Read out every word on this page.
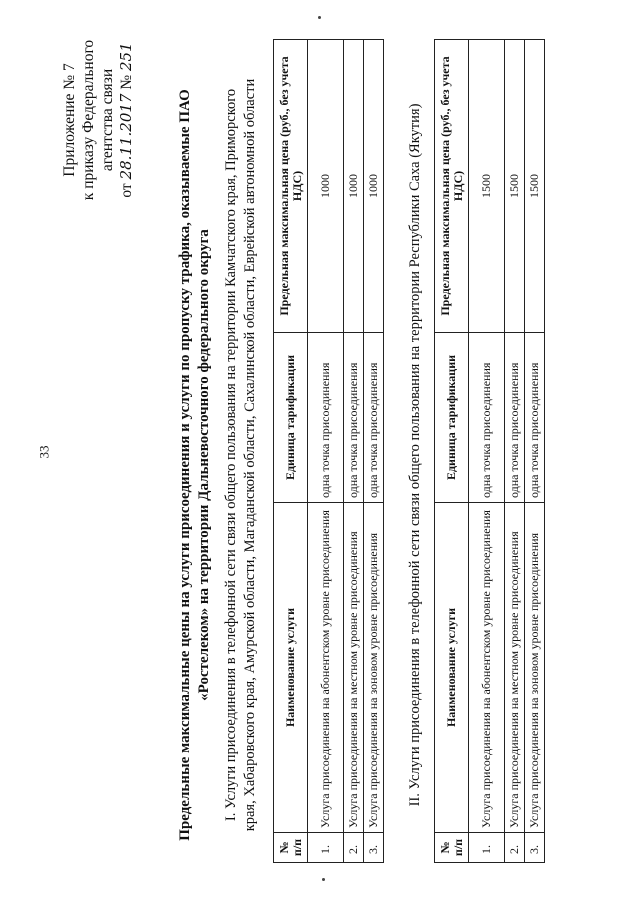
33
Приложение № 7 к приказу Федерального агентства связи
от 28.11.2017 № 251
Предельные максимальные цены на услуги присоединения и услуги по пропуску трафика, оказываемые ПАО «Ростелеком» на территории Дальневосточного федерального округа I. Услуги присоединения в телефонной сети связи общего пользования на территории Камчатского края, Приморского края, Хабаровского края, Амурской области, Магаданской области, Сахалинской области, Еврейской автономной области
№ п/п	Наименование услуги	Единица тарификации	Предельная максимальная цена (руб., без учета НДС)
1.	Услуга присоединения на абонентском уровне присоединения	одна точка присоединения	1000
2.	Услуга присоединения на местном уровне присоединения	одна точка присоединения	1000
3.	Услуга присоединения на зоновом уровне присоединения	одна точка присоединения	1000 II. Услуги присоединения в телефонной сети связи общего пользования на территории Республики Саха (Якутия)
№ п/п	Наименование услуги	Единица тарификации	Предельная максимальная цена (руб., без учета НДС)
1.	Услуга присоединения на абонентском уровне присоединения	одна точка присоединения	1500
2.	Услуга присоединения на местном уровне присоединения	одна точка присоединения	1500
3.	Услуга присоединения на зоновом уровне присоединения	одна точка присоединения	1500
